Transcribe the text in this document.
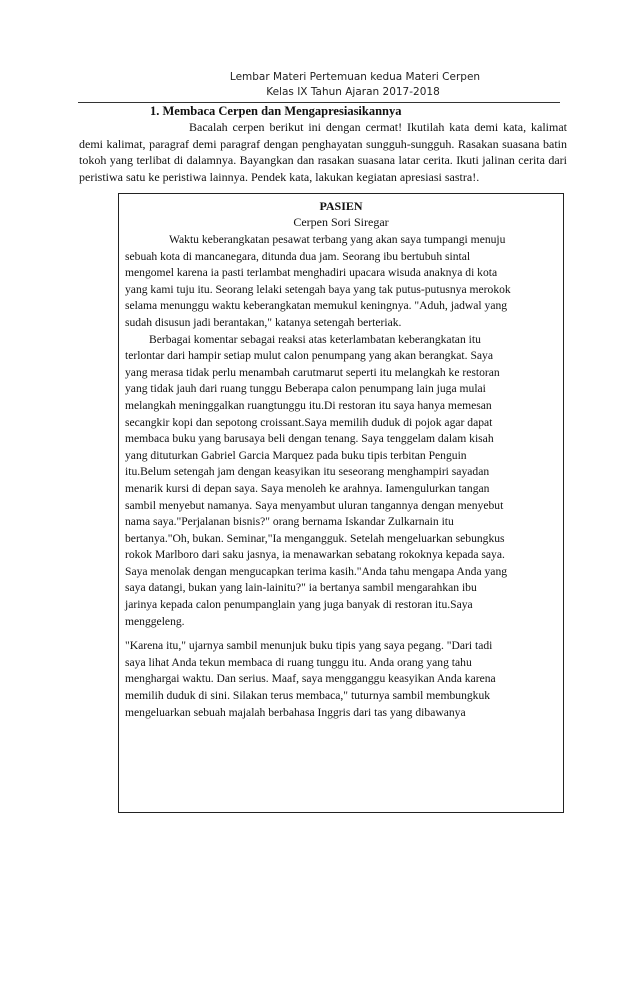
Lembar Materi Pertemuan kedua Materi Cerpen
Kelas IX Tahun Ajaran 2017-2018
1. Membaca Cerpen dan Mengapresiasikannya

Bacalah cerpen berikut ini dengan cermat! Ikutilah kata demi kata, kalimat demi kalimat, paragraf demi paragraf dengan penghayatan sungguh-sungguh. Rasakan suasana batin tokoh yang terlibat di dalamnya. Bayangkan dan rasakan suasana latar cerita. Ikuti jalinan cerita dari peristiwa satu ke peristiwa lainnya. Pendek kata, lakukan kegiatan apresiasi sastra!.

PASIEN
Cerpen Sori Siregar

Waktu keberangkatan pesawat terbang yang akan saya tumpangi menuju sebuah kota di mancanegara, ditunda dua jam. Seorang ibu bertubuh sintal mengomel karena ia pasti terlambat menghadiri upacara wisuda anaknya di kota yang kami tuju itu. Seorang lelaki setengah baya yang tak putus-putusnya merokok selama menunggu waktu keberangkatan memukul keningnya. "Aduh, jadwal yang sudah disusun jadi berantakan," katanya setengah berteriak.

Berbagai komentar sebagai reaksi atas keterlambatan keberangkatan itu terlontar dari hampir setiap mulut calon penumpang yang akan berangkat. Saya yang merasa tidak perlu menambah carutmarut seperti itu melangkah ke restoran yang tidak jauh dari ruang tunggu Beberapa calon penumpang lain juga mulai melangkah meninggalkan ruangtunggu itu.Di restoran itu saya hanya memesan secangkir kopi dan sepotong croissant.Saya memilih duduk di pojok agar dapat membaca buku yang barusaya beli dengan tenang. Saya tenggelam dalam kisah yang dituturkan Gabriel Garcia Marquez pada buku tipis terbitan Penguin itu.Belum setengah jam dengan keasyikan itu seseorang menghampiri sayadan menarik kursi di depan saya. Saya menoleh ke arahnya. Iamengulurkan tangan sambil menyebut namanya. Saya menyambut uluran tangannya dengan menyebut nama saya."Perjalanan bisnis?" orang bernama Iskandar Zulkarnain itu bertanya."Oh, bukan. Seminar,"Ia mengangguk. Setelah mengeluarkan sebungkus rokok Marlboro dari saku jasnya, ia menawarkan sebatang rokoknya kepada saya. Saya menolak dengan mengucapkan terima kasih."Anda tahu mengapa Anda yang saya datangi, bukan yang lain-lainitu?" ia bertanya sambil mengarahkan ibu jarinya kepada calon penumpanglain yang juga banyak di restoran itu.Saya menggeleng.

"Karena itu," ujarnya sambil menunjuk buku tipis yang saya pegang. "Dari tadi saya lihat Anda tekun membaca di ruang tunggu itu. Anda orang yang tahu menghargai waktu. Dan serius. Maaf, saya mengganggu keasyikan Anda karena memilih duduk di sini. Silakan terus membaca," tuturnya sambil membungkuk mengeluarkan sebuah majalah berbahasa Inggris dari tas yang dibawanya
